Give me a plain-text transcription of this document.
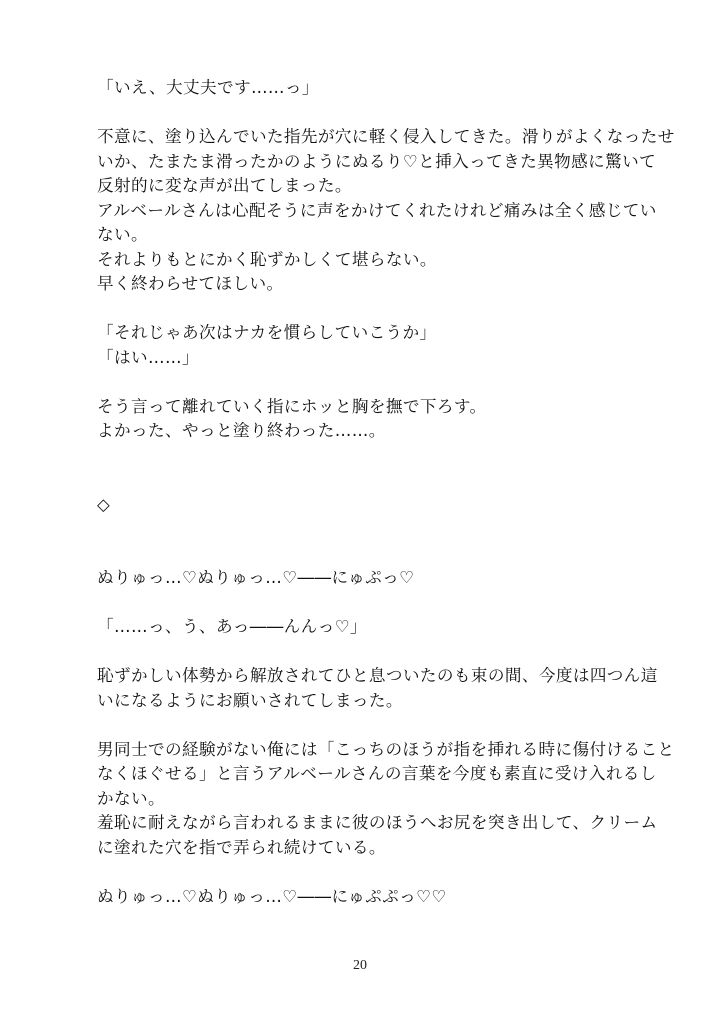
「いえ、大丈夫です……っ」
不意に、塗り込んでいた指先が穴に軽く侵入してきた。滑りがよくなったせ
いか、たまたま滑ったかのようにぬるり♡と挿入ってきた異物感に驚いて
反射的に変な声が出てしまった。
アルベールさんは心配そうに声をかけてくれたけれど痛みは全く感じてい
ない。
それよりもとにかく恥ずかしくて堪らない。
早く終わらせてほしい。
「それじゃあ次はナカを慣らしていこうか」
「はい……」
そう言って離れていく指にホッと胸を撫で下ろす。
よかった、やっと塗り終わった……。
◇
ぬりゅっ…♡ぬりゅっ…♡――にゅぷっ♡
「……っ、う、あっ――んんっ♡」
恥ずかしい体勢から解放されてひと息ついたのも束の間、今度は四つん這
いになるようにお願いされてしまった。
男同士での経験がない俺には「こっちのほうが指を挿れる時に傷付けること
なくほぐせる」と言うアルベールさんの言葉を今度も素直に受け入れるし
かない。
羞恥に耐えながら言われるままに彼のほうへお尻を突き出して、クリーム
に塗れた穴を指で弄られ続けている。
ぬりゅっ…♡ぬりゅっ…♡――にゅぷぷっ♡♡
20
